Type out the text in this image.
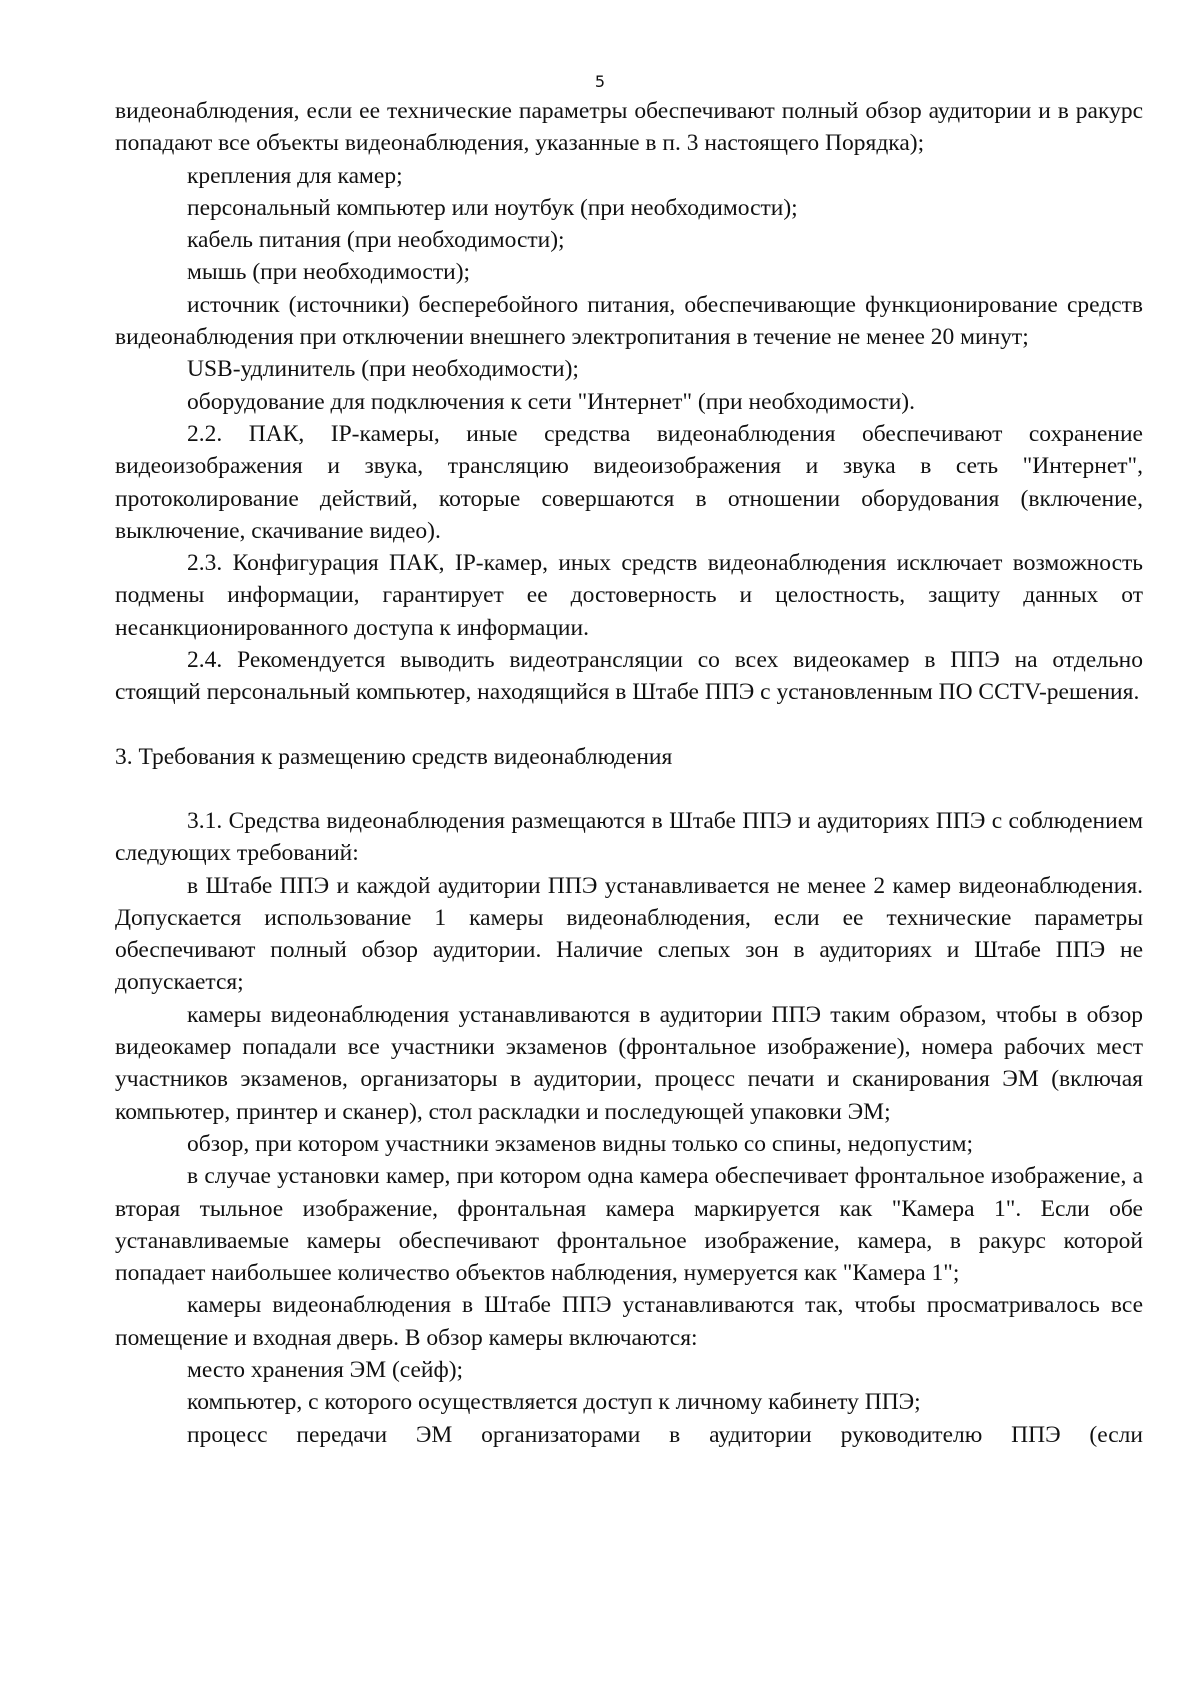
5

видеонаблюдения, если ее технические параметры обеспечивают полный обзор аудитории и в ракурс попадают все объекты видеонаблюдения, указанные в п. 3 настоящего Порядка);

крепления для камер;

персональный компьютер или ноутбук (при необходимости);

кабель питания (при необходимости);

мышь (при необходимости);

источник (источники) бесперебойного питания, обеспечивающие функционирование средств видеонаблюдения при отключении внешнего электропитания в течение не менее 20 минут;

USB-удлинитель (при необходимости);

оборудование для подключения к сети "Интернет" (при необходимости).

2.2. ПАК, IP-камеры, иные средства видеонаблюдения обеспечивают сохранение видеоизображения и звука, трансляцию видеоизображения и звука в сеть "Интернет", протоколирование действий, которые совершаются в отношении оборудования (включение, выключение, скачивание видео).

2.3. Конфигурация ПАК, IP-камер, иных средств видеонаблюдения исключает возможность подмены информации, гарантирует ее достоверность и целостность, защиту данных от несанкционированного доступа к информации.

2.4. Рекомендуется выводить видеотрансляции со всех видеокамер в ППЭ на отдельно стоящий персональный компьютер, находящийся в Штабе ППЭ с установленным ПО CCTV-решения.

3. Требования к размещению средств видеонаблюдения

3.1. Средства видеонаблюдения размещаются в Штабе ППЭ и аудиториях ППЭ с соблюдением следующих требований:

в Штабе ППЭ и каждой аудитории ППЭ устанавливается не менее 2 камер видеонаблюдения. Допускается использование 1 камеры видеонаблюдения, если ее технические параметры обеспечивают полный обзор аудитории. Наличие слепых зон в аудиториях и Штабе ППЭ не допускается;

камеры видеонаблюдения устанавливаются в аудитории ППЭ таким образом, чтобы в обзор видеокамер попадали все участники экзаменов (фронтальное изображение), номера рабочих мест участников экзаменов, организаторы в аудитории, процесс печати и сканирования ЭМ (включая компьютер, принтер и сканер), стол раскладки и последующей упаковки ЭМ;

обзор, при котором участники экзаменов видны только со спины, недопустим;

в случае установки камер, при котором одна камера обеспечивает фронтальное изображение, а вторая тыльное изображение, фронтальная камера маркируется как "Камера 1". Если обе устанавливаемые камеры обеспечивают фронтальное изображение, камера, в ракурс которой попадает наибольшее количество объектов наблюдения, нумеруется как "Камера 1";

камеры видеонаблюдения в Штабе ППЭ устанавливаются так, чтобы просматривалось все помещение и входная дверь. В обзор камеры включаются:

место хранения ЭМ (сейф);

компьютер, с которого осуществляется доступ к личному кабинету ППЭ;

процесс передачи ЭМ организаторами в аудитории руководителю ППЭ (если
